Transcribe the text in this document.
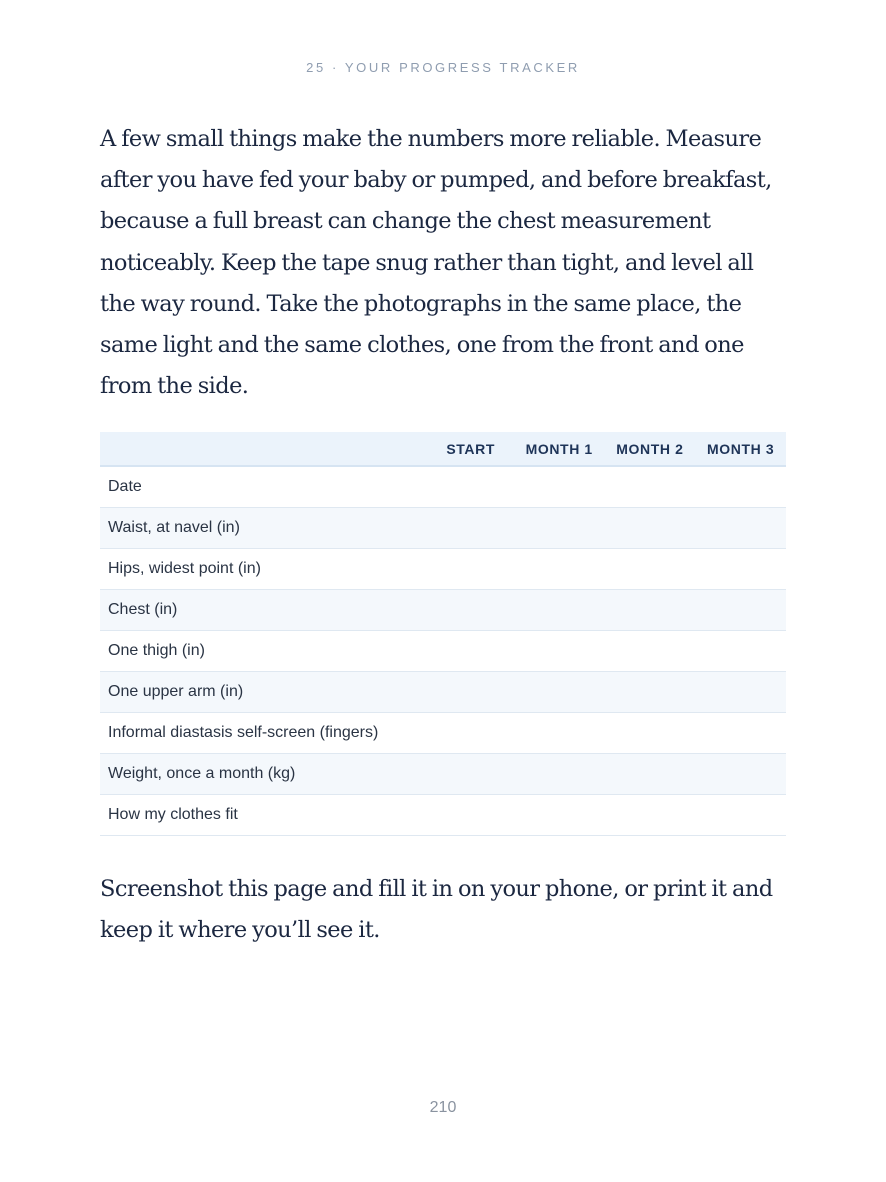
25 · YOUR PROGRESS TRACKER

A few small things make the numbers more reliable. Measure after you have fed your baby or pumped, and before breakfast, because a full breast can change the chest measurement noticeably. Keep the tape snug rather than tight, and level all the way round. Take the photographs in the same place, the same light and the same clothes, one from the front and one from the side.

	START	MONTH 1	MONTH 2	MONTH 3
Date				
Waist, at navel (in)				
Hips, widest point (in)				
Chest (in)				
One thigh (in)				
One upper arm (in)				
Informal diastasis self-screen (fingers)				
Weight, once a month (kg)				
How my clothes fit				

Screenshot this page and fill it in on your phone, or print it and keep it where you’ll see it.

210
